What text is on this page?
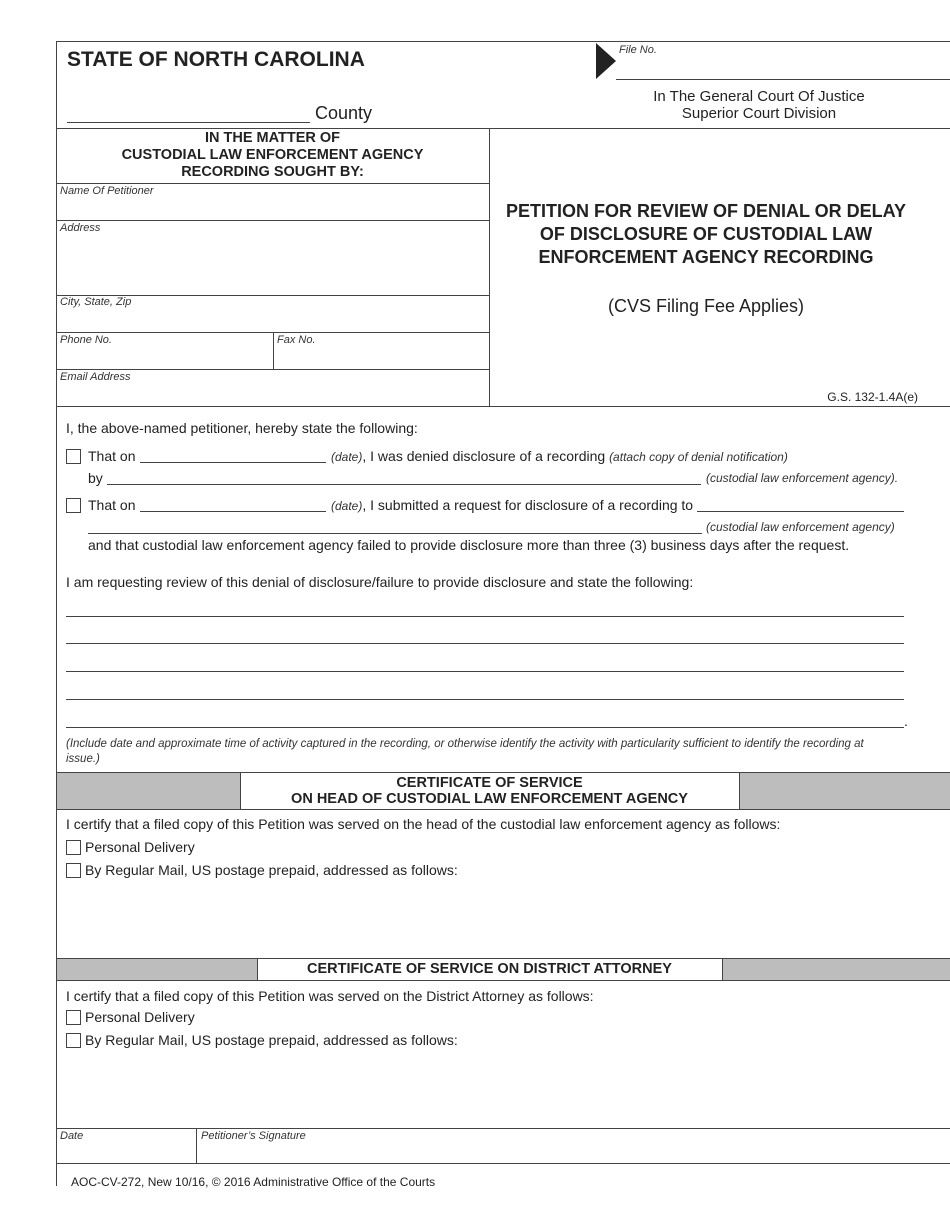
STATE OF NORTH CAROLINA	File No.
County
In The General Court Of Justice
Superior Court Division
IN THE MATTER OF
CUSTODIAL LAW ENFORCEMENT AGENCY
RECORDING SOUGHT BY:
Name Of Petitioner
Address
City, State, Zip
Phone No.	Fax No.
Email Address
PETITION FOR REVIEW OF DENIAL OR DELAY
OF DISCLOSURE OF CUSTODIAL LAW
ENFORCEMENT AGENCY RECORDING
(CVS Filing Fee Applies)
G.S. 132-1.4A(e)
I, the above-named petitioner, hereby state the following:
That on	(date), I was denied disclosure of a recording (attach copy of denial notification)
by	(custodial law enforcement agency).
That on	(date), I submitted a request for disclosure of a recording to
(custodial law enforcement agency)
and that custodial law enforcement agency failed to provide disclosure more than three (3) business days after the request.
I am requesting review of this denial of disclosure/failure to provide disclosure and state the following:
.
(Include date and approximate time of activity captured in the recording, or otherwise identify the activity with particularity sufficient to identify the recording at issue.)
CERTIFICATE OF SERVICE
ON HEAD OF CUSTODIAL LAW ENFORCEMENT AGENCY
I certify that a filed copy of this Petition was served on the head of the custodial law enforcement agency as follows:
Personal Delivery
By Regular Mail, US postage prepaid, addressed as follows:
CERTIFICATE OF SERVICE ON DISTRICT ATTORNEY
I certify that a filed copy of this Petition was served on the District Attorney as follows:
Personal Delivery
By Regular Mail, US postage prepaid, addressed as follows:
Date	Petitioner’s Signature
AOC-CV-272, New 10/16, © 2016 Administrative Office of the Courts
